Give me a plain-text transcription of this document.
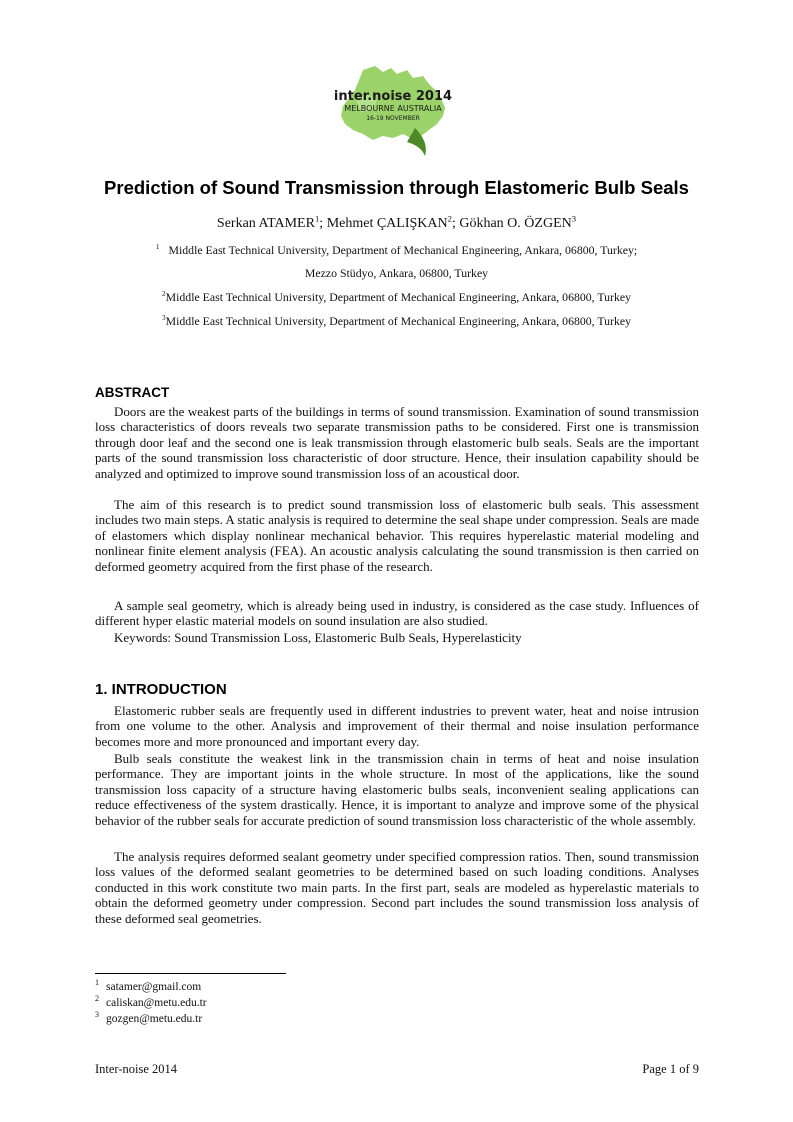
inter.noise 2014
MELBOURNE AUSTRALIA
16-19 NOVEMBER
Prediction of Sound Transmission through Elastomeric Bulb Seals
Serkan ATAMER$^1$; Mehmet ÇALIŞKAN$^2$; Gökhan O. ÖZGEN$^3$
$^1$ Middle East Technical University, Department of Mechanical Engineering, Ankara, 06800, Turkey;
Mezzo Stüdyo, Ankara, 06800, Turkey
$^2$Middle East Technical University, Department of Mechanical Engineering, Ankara, 06800, Turkey
$^3$Middle East Technical University, Department of Mechanical Engineering, Ankara, 06800, Turkey
ABSTRACT

Doors are the weakest parts of the buildings in terms of sound transmission. Examination of sound transmission loss characteristics of doors reveals two separate transmission paths to be considered. First one is transmission through door leaf and the second one is leak transmission through elastomeric bulb seals. Seals are the important parts of the sound transmission loss characteristic of door structure. Hence, their insulation capability should be analyzed and optimized to improve sound transmission loss of an acoustical door.

The aim of this research is to predict sound transmission loss of elastomeric bulb seals. This assessment includes two main steps. A static analysis is required to determine the seal shape under compression. Seals are made of elastomers which display nonlinear mechanical behavior. This requires hyperelastic material modeling and nonlinear finite element analysis (FEA). An acoustic analysis calculating the sound transmission is then carried on deformed geometry acquired from the first phase of the research.

A sample seal geometry, which is already being used in industry, is considered as the case study. Influences of different hyper elastic material models on sound insulation are also studied.

Keywords: Sound Transmission Loss, Elastomeric Bulb Seals, Hyperelasticity

1. INTRODUCTION

Elastomeric rubber seals are frequently used in different industries to prevent water, heat and noise intrusion from one volume to the other. Analysis and improvement of their thermal and noise insulation performance becomes more and more pronounced and important every day.

Bulb seals constitute the weakest link in the transmission chain in terms of heat and noise insulation performance. They are important joints in the whole structure. In most of the applications, like the sound transmission loss capacity of a structure having elastomeric bulbs seals, inconvenient sealing applications can reduce effectiveness of the system drastically. Hence, it is important to analyze and improve some of the physical behavior of the rubber seals for accurate prediction of sound transmission loss characteristic of the whole assembly.

The analysis requires deformed sealant geometry under specified compression ratios. Then, sound transmission loss values of the deformed sealant geometries to be determined based on such loading conditions. Analyses conducted in this work constitute two main parts. In the first part, seals are modeled as hyperelastic materials to obtain the deformed geometry under compression. Second part includes the sound transmission loss analysis of these deformed seal geometries.

$^1$ satamer@gmail.com
$^2$ caliskan@metu.edu.tr
$^3$ gozgen@metu.edu.tr
Inter-noise 2014	Page 1 of 9
